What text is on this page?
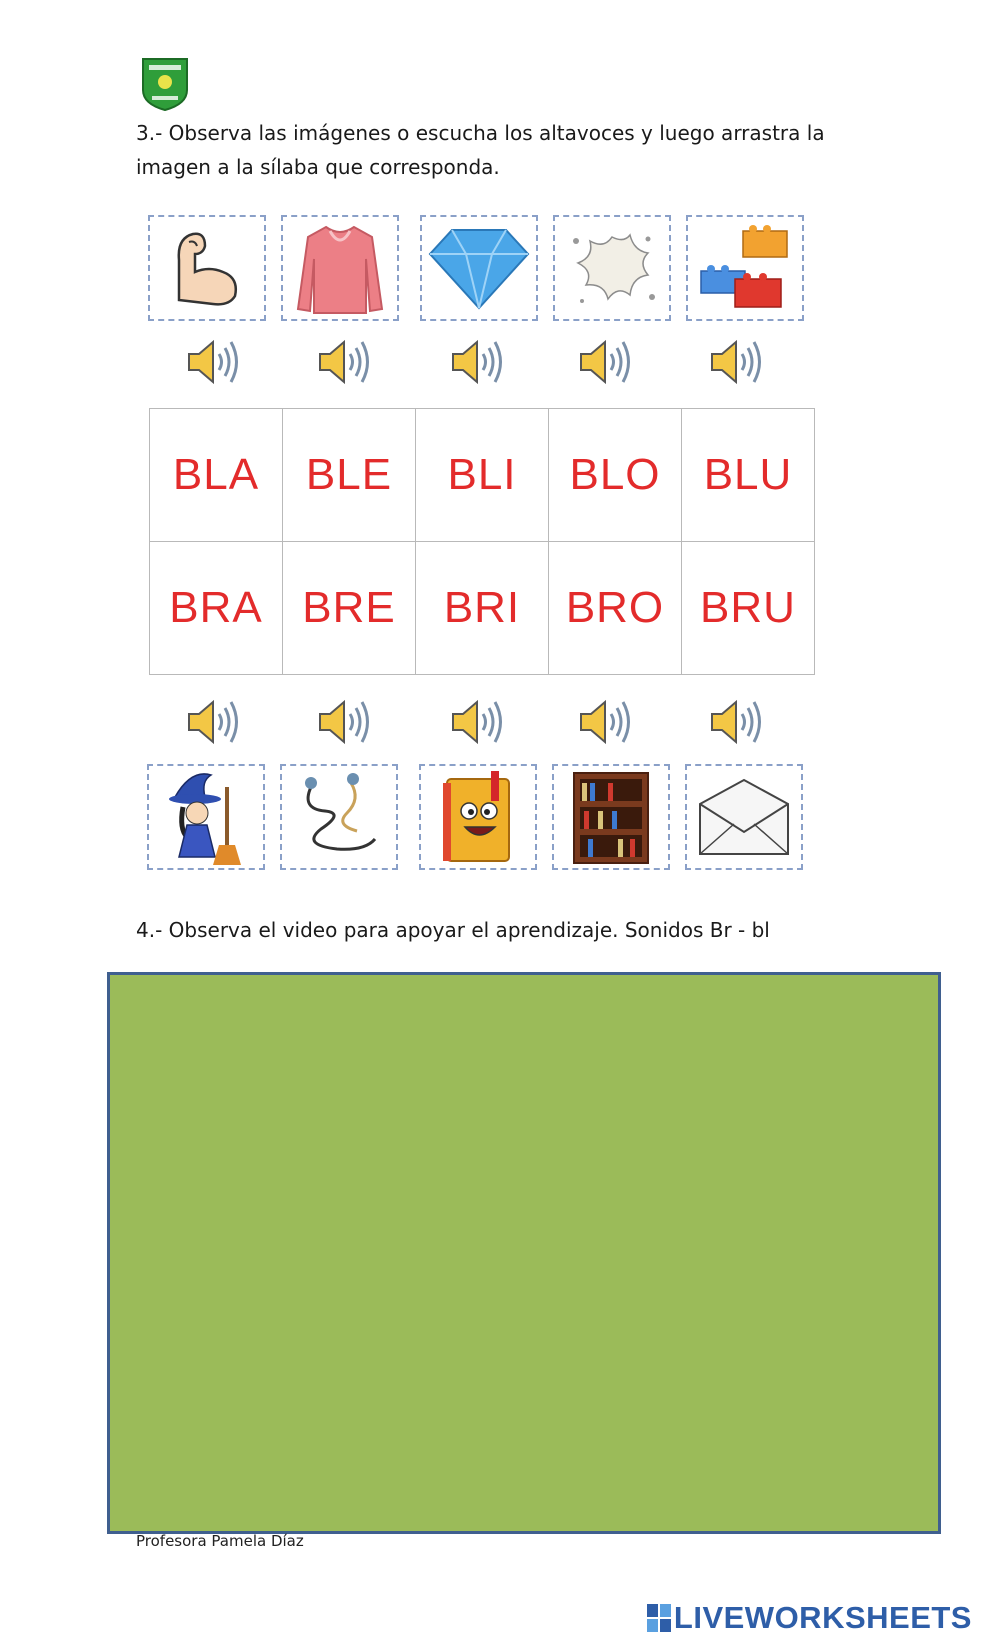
3.- Observa las imágenes o escucha los altavoces y luego arrastra la
imagen a la sílaba que corresponda.
BLA	BLE	BLI	BLO	BLU
BRA	BRE	BRI	BRO	BRU
4.- Observa el video para apoyar el aprendizaje. Sonidos Br - bl
Profesora Pamela Díaz
LIVEWORKSHEETS
